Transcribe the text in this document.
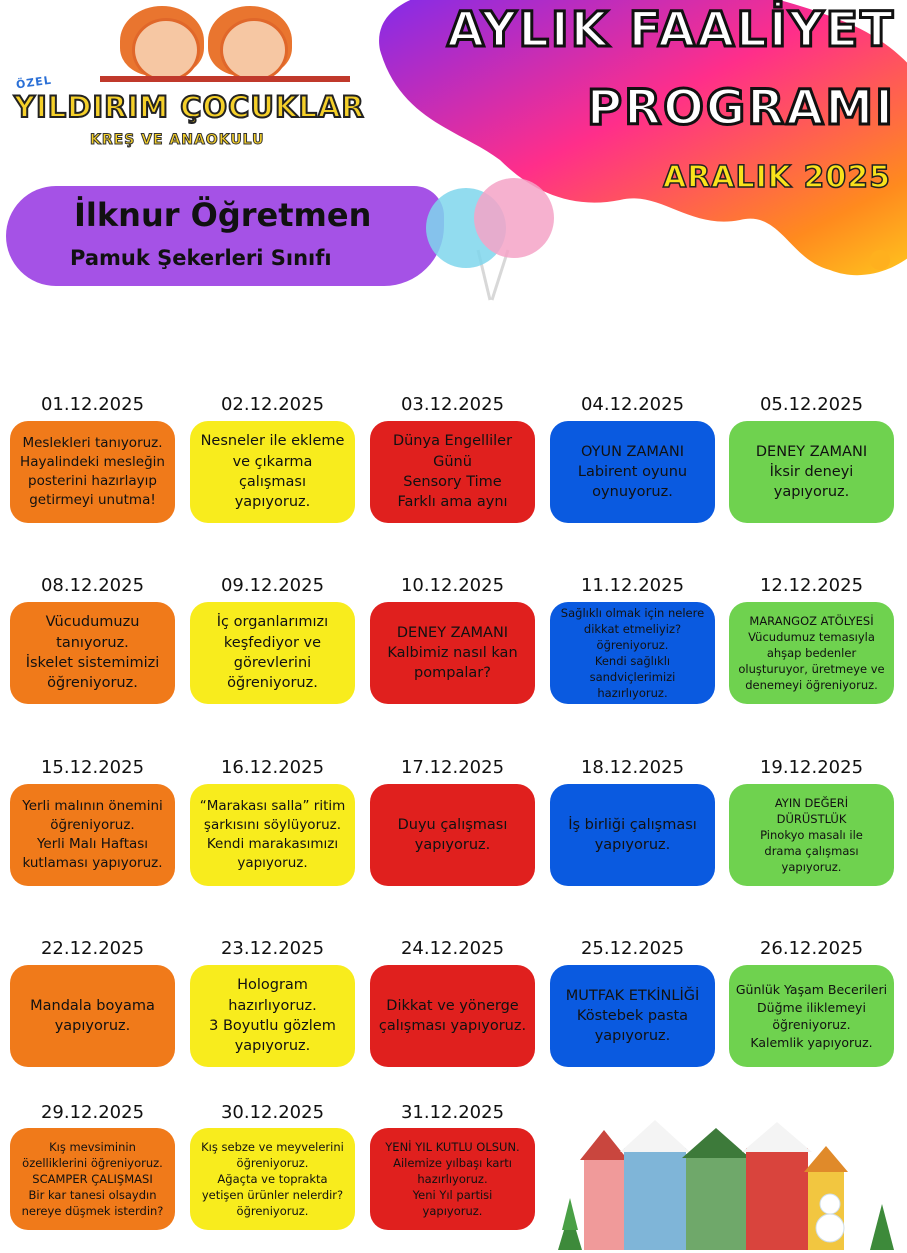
ÖZEL
YILDIRIM ÇOCUKLAR
KREŞ VE ANAOKULU
AYLIK FAALİYET
PROGRAMI
ARALIK 2025
İlknur Öğretmen
Pamuk Şekerleri Sınıfı
01.12.2025
Meslekleri tanıyoruz.
Hayalindeki mesleğin
posterini hazırlayıp
getirmeyi unutma!
02.12.2025
Nesneler ile ekleme
ve çıkarma
çalışması
yapıyoruz.
03.12.2025
Dünya Engelliler
Günü
Sensory Time
Farklı ama aynı
04.12.2025
OYUN ZAMANI
Labirent oyunu
oynuyoruz.
05.12.2025
DENEY ZAMANI
İksir deneyi
yapıyoruz.
08.12.2025
Vücudumuzu
tanıyoruz.
İskelet sistemimizi
öğreniyoruz.
09.12.2025
İç organlarımızı
keşfediyor ve
görevlerini
öğreniyoruz.
10.12.2025
DENEY ZAMANI
Kalbimiz nasıl kan
pompalar?
11.12.2025
Sağlıklı olmak için nelere
dikkat etmeliyiz?
öğreniyoruz.
Kendi sağlıklı
sandviçlerimizi hazırlıyoruz.
12.12.2025
MARANGOZ ATÖLYESİ
Vücudumuz temasıyla
ahşap bedenler
oluşturuyor, üretmeye ve
denemeyi öğreniyoruz.
15.12.2025
Yerli malının önemini
öğreniyoruz.
Yerli Malı Haftası
kutlaması yapıyoruz.
16.12.2025
“Marakası salla” ritim
şarkısını söylüyoruz.
Kendi marakasımızı
yapıyoruz.
17.12.2025
Duyu çalışması
yapıyoruz.
18.12.2025
İş birliği çalışması
yapıyoruz.
19.12.2025
AYIN DEĞERİ
DÜRÜSTLÜK
Pinokyo masalı ile
drama çalışması
yapıyoruz.
22.12.2025
Mandala boyama
yapıyoruz.
23.12.2025
Hologram
hazırlıyoruz.
3 Boyutlu gözlem
yapıyoruz.
24.12.2025
Dikkat ve yönerge
çalışması yapıyoruz.
25.12.2025
MUTFAK ETKİNLİĞİ
Köstebek pasta
yapıyoruz.
26.12.2025
Günlük Yaşam Becerileri
Düğme iliklemeyi
öğreniyoruz.
Kalemlik yapıyoruz.
29.12.2025
Kış mevsiminin
özelliklerini öğreniyoruz.
SCAMPER ÇALIŞMASI
Bir kar tanesi olsaydın
nereye düşmek isterdin?
30.12.2025
Kış sebze ve meyvelerini
öğreniyoruz.
Ağaçta ve toprakta
yetişen ürünler nelerdir?
öğreniyoruz.
31.12.2025
YENİ YIL KUTLU OLSUN.
Ailemize yılbaşı kartı
hazırlıyoruz.
Yeni Yıl partisi
yapıyoruz.
